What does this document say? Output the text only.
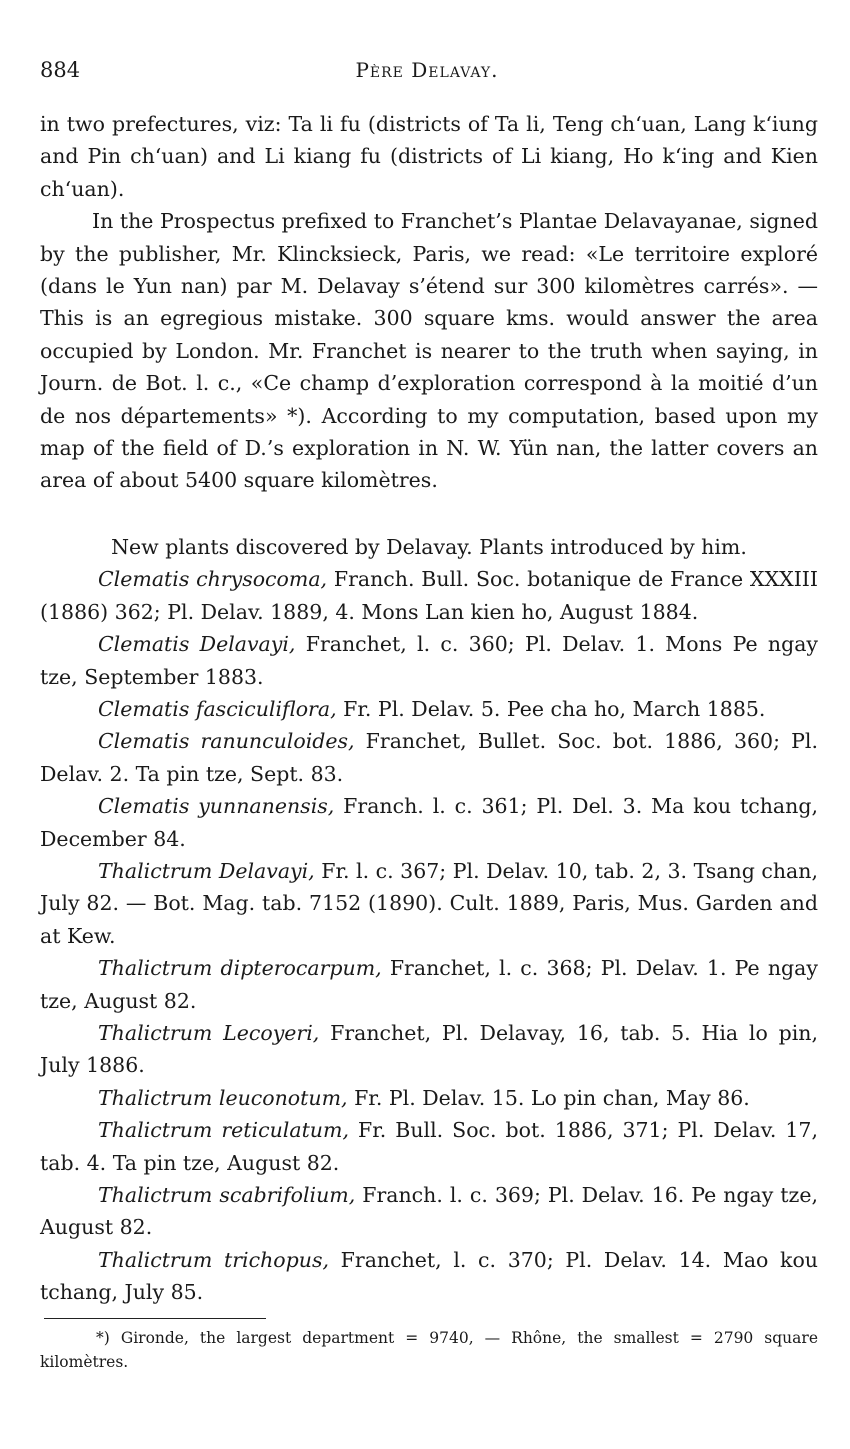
884	Père Delavay.

in two prefectures, viz: Ta li fu (districts of Ta li, Teng chʻuan, Lang kʻiung and Pin chʻuan) and Li kiang fu (districts of Li kiang, Ho kʻing and Kien chʻuan).

In the Prospectus prefixed to Franchet’s Plantae Delavayanae, signed by the publisher, Mr. Klincksieck, Paris, we read: «Le territoire exploré (dans le Yun nan) par M. Delavay s’étend sur 300 kilomètres carrés». — This is an egregious mistake. 300 square kms. would answer the area occupied by London. Mr. Franchet is nearer to the truth when saying, in Journ. de Bot. l. c., «Ce champ d’exploration correspond à la moitié d’un de nos départements» *). According to my computation, based upon my map of the field of D.’s exploration in N. W. Yün nan, the latter covers an area of about 5400 square kilomètres.

New plants discovered by Delavay. Plants introduced by him.

Clematis chrysocoma, Franch. Bull. Soc. botanique de France XXXIII (1886) 362; Pl. Delav. 1889, 4. Mons Lan kien ho, August 1884.

Clematis Delavayi, Franchet, l. c. 360; Pl. Delav. 1. Mons Pe ngay tze, September 1883.

Clematis fasciculiflora, Fr. Pl. Delav. 5. Pee cha ho, March 1885.

Clematis ranunculoides, Franchet, Bullet. Soc. bot. 1886, 360; Pl. Delav. 2. Ta pin tze, Sept. 83.

Clematis yunnanensis, Franch. l. c. 361; Pl. Del. 3. Ma kou tchang, December 84.

Thalictrum Delavayi, Fr. l. c. 367; Pl. Delav. 10, tab. 2, 3. Tsang chan, July 82. — Bot. Mag. tab. 7152 (1890). Cult. 1889, Paris, Mus. Garden and at Kew.

Thalictrum dipterocarpum, Franchet, l. c. 368; Pl. Delav. 1. Pe ngay tze, August 82.

Thalictrum Lecoyeri, Franchet, Pl. Delavay, 16, tab. 5. Hia lo pin, July 1886.

Thalictrum leuconotum, Fr. Pl. Delav. 15. Lo pin chan, May 86.

Thalictrum reticulatum, Fr. Bull. Soc. bot. 1886, 371; Pl. Delav. 17, tab. 4. Ta pin tze, August 82.

Thalictrum scabrifolium, Franch. l. c. 369; Pl. Delav. 16. Pe ngay tze, August 82.

Thalictrum trichopus, Franchet, l. c. 370; Pl. Delav. 14. Mao kou tchang, July 85.

*) Gironde, the largest department = 9740, — Rhône, the smallest = 2790 square kilomètres.
